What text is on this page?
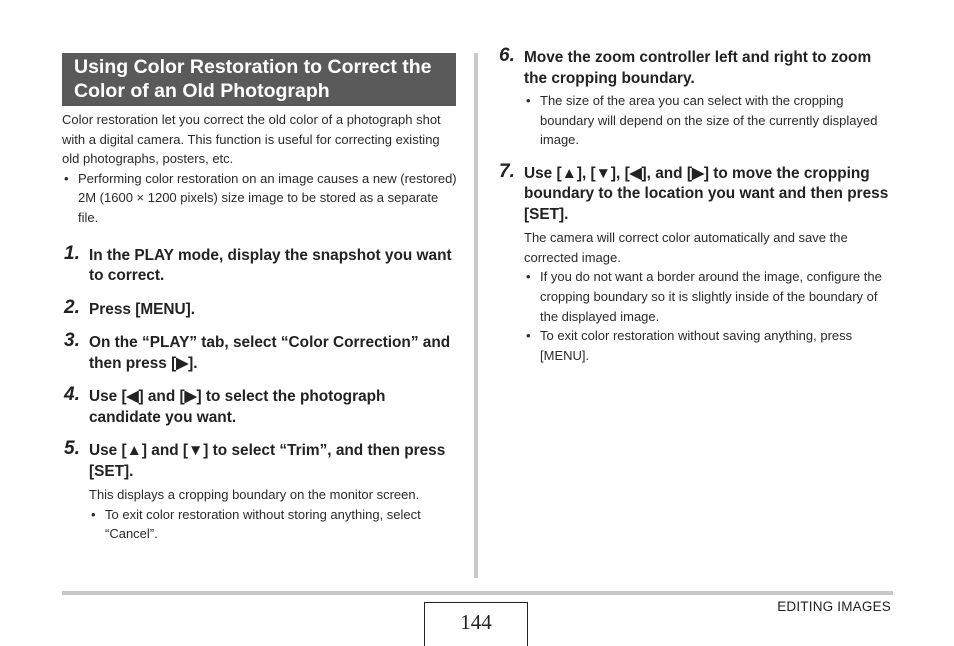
Using Color Restoration to Correct the Color of an Old Photograph

Color restoration let you correct the old color of a photograph shot with a digital camera. This function is useful for correcting existing old photographs, posters, etc.

• Performing color restoration on an image causes a new (restored) 2M (1600 × 1200 pixels) size image to be stored as a separate file.
1. In the PLAY mode, display the snapshot you want to correct.
2. Press [MENU].
3. On the “PLAY” tab, select “Color Correction” and then press [▶].
4. Use [◀] and [▶] to select the photograph candidate you want.
5. Use [▲] and [▼] to select “Trim”, and then press [SET].
This displays a cropping boundary on the monitor screen.
• To exit color restoration without storing anything, select “Cancel”.
6. Move the zoom controller left and right to zoom the cropping boundary.
• The size of the area you can select with the cropping boundary will depend on the size of the currently displayed image.
7. Use [▲], [▼], [◀], and [▶] to move the cropping boundary to the location you want and then press [SET].
The camera will correct color automatically and save the corrected image.
• If you do not want a border around the image, configure the cropping boundary so it is slightly inside of the boundary of the displayed image.
• To exit color restoration without saving anything, press [MENU].
144
EDITING IMAGES
